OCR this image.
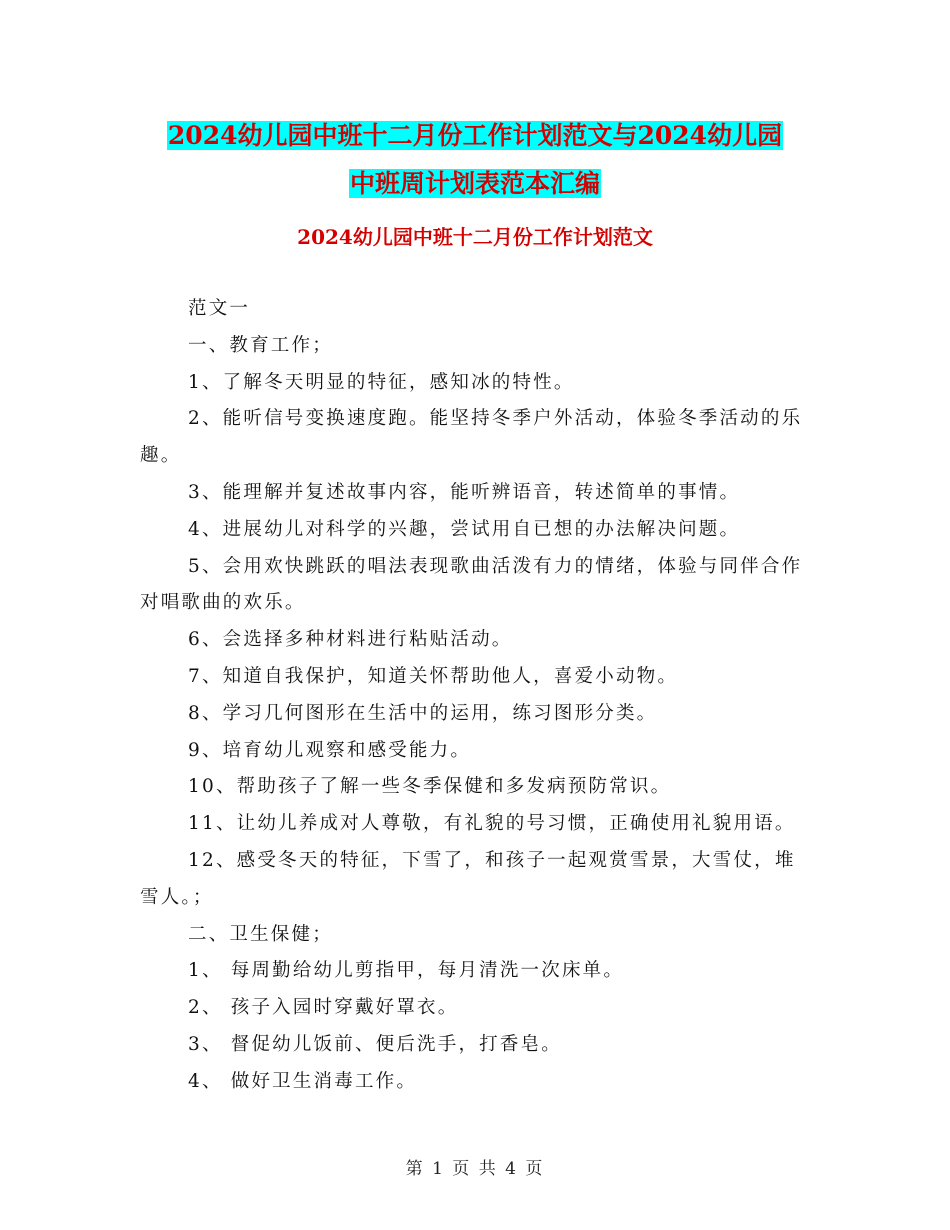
2024幼儿园中班十二月份工作计划范文与2024幼儿园
中班周计划表范本汇编
2024幼儿园中班十二月份工作计划范文

范文一

一、教育工作；

1、了解冬天明显的特征，感知冰的特性。

2、能听信号变换速度跑。能坚持冬季户外活动，体验冬季活动的乐趣。

3、能理解并复述故事内容，能听辨语音，转述简单的事情。

4、进展幼儿对科学的兴趣，尝试用自已想的办法解决问题。

5、会用欢快跳跃的唱法表现歌曲活泼有力的情绪，体验与同伴合作对唱歌曲的欢乐。

6、会选择多种材料进行粘贴活动。

7、知道自我保护，知道关怀帮助他人，喜爱小动物。

8、学习几何图形在生活中的运用，练习图形分类。

9、培育幼儿观察和感受能力。

10、帮助孩子了解一些冬季保健和多发病预防常识。

11、让幼儿养成对人尊敬，有礼貌的号习惯，正确使用礼貌用语。

12、感受冬天的特征，下雪了，和孩子一起观赏雪景，大雪仗，堆雪人。；

二、卫生保健；

1、 每周勤给幼儿剪指甲，每月清洗一次床单。

2、 孩子入园时穿戴好罩衣。

3、 督促幼儿饭前、便后洗手，打香皂。

4、 做好卫生消毒工作。

第 1 页 共 4 页
